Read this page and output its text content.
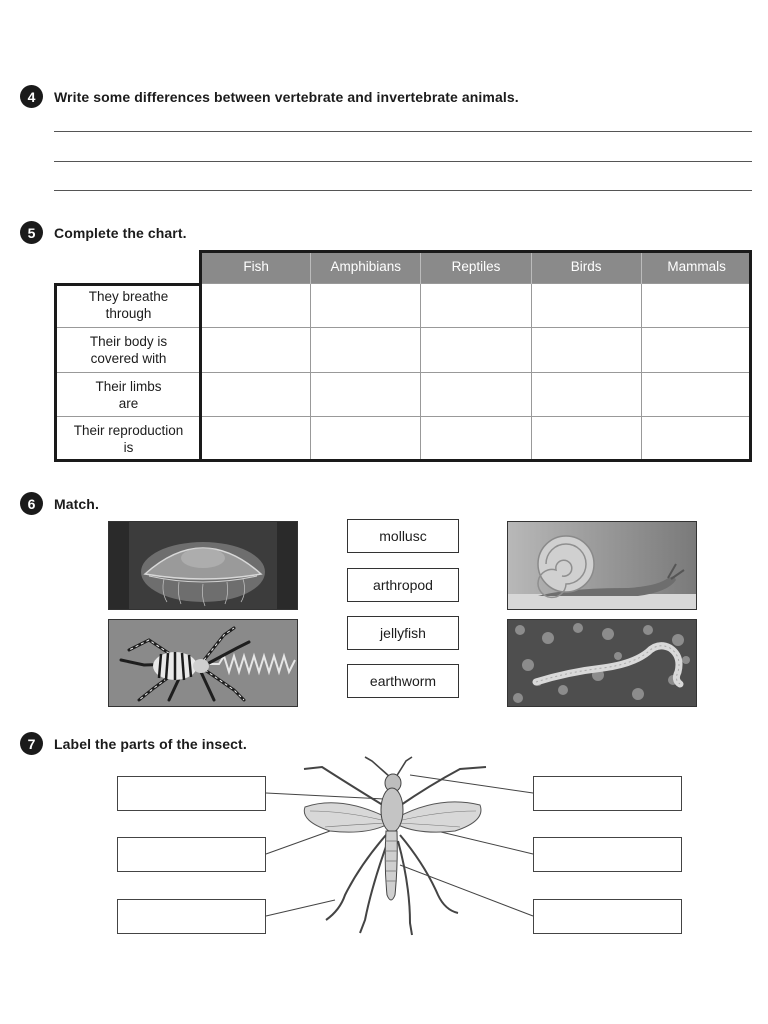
4	Write some differences between vertebrate and invertebrate animals.
5	Complete the chart.
	Fish	Amphibians	Reptiles	Birds	Mammals
They breathe
through					
Their body is
covered with					
Their limbs
are					
Their reproduction
is					
6	Match.
mollusc
arthropod
jellyfish
earthworm
7	Label the parts of the insect.
